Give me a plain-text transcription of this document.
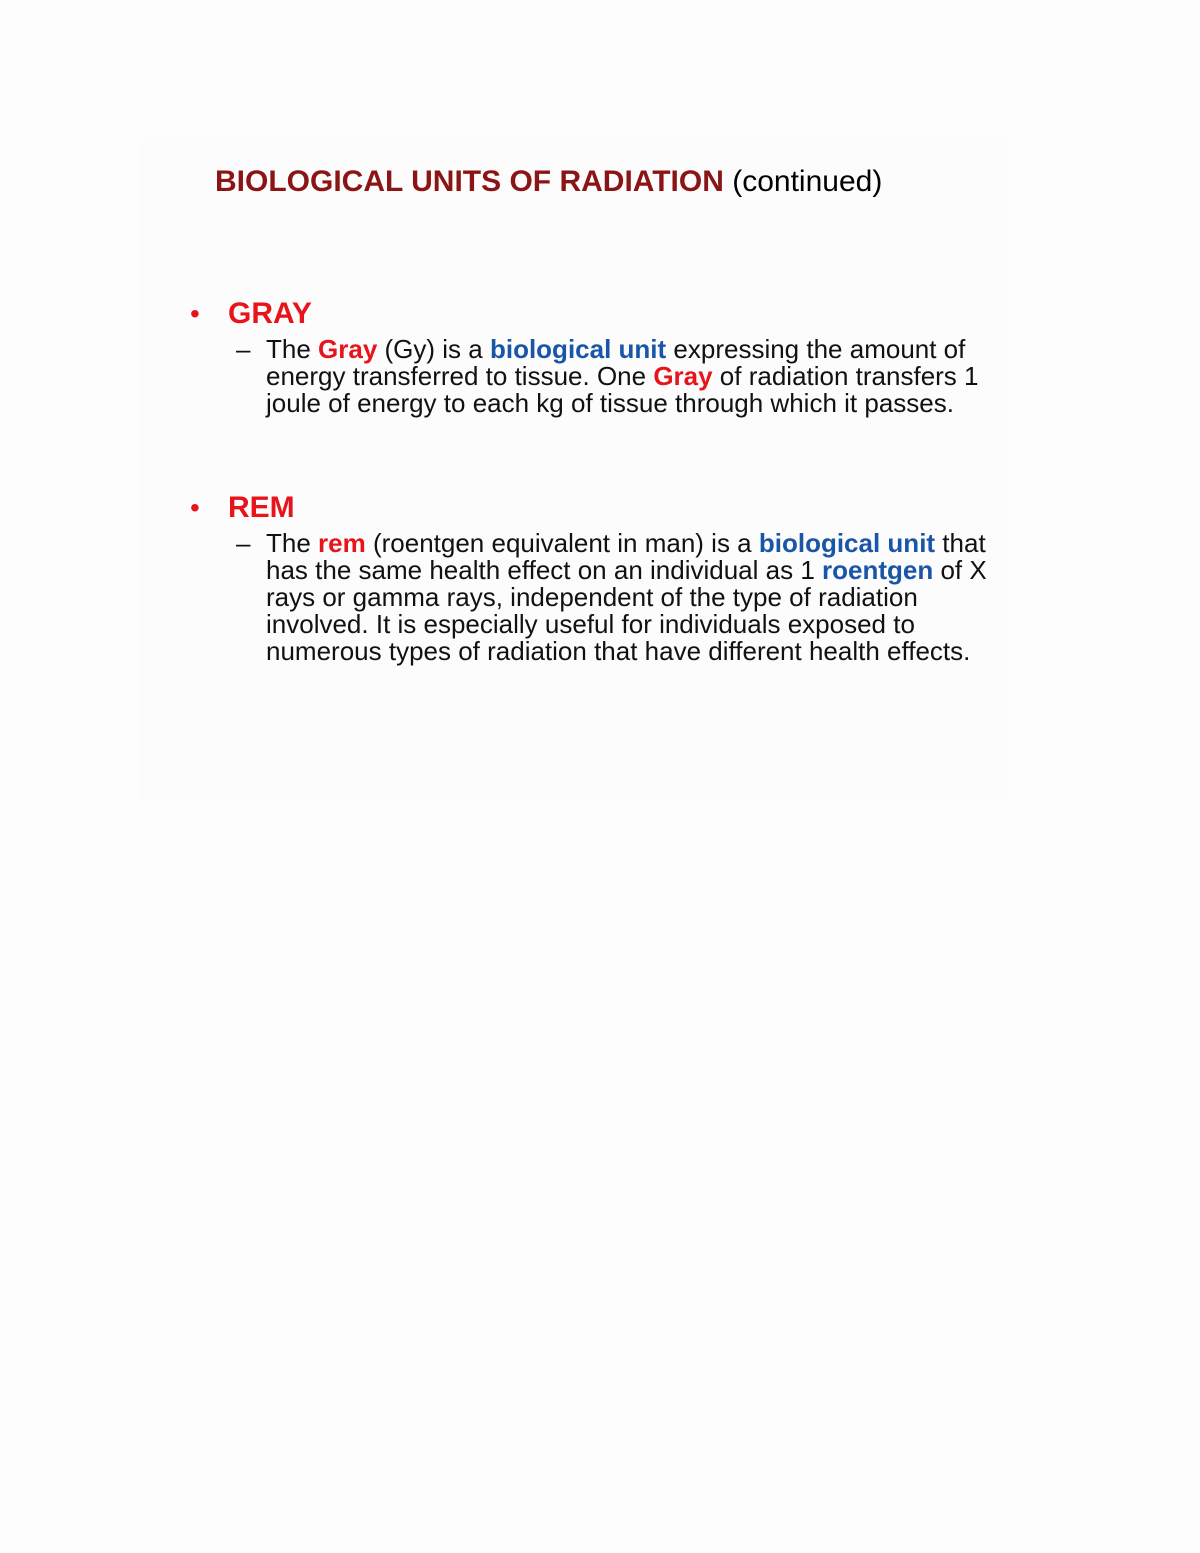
BIOLOGICAL UNITS OF RADIATION (continued)
• GRAY
– The Gray (Gy) is a biological unit expressing the amount of energy transferred to tissue. One Gray of radiation transfers 1 joule of energy to each kg of tissue through which it passes.
• REM
– The rem (roentgen equivalent in man) is a biological unit that has the same health effect on an individual as 1 roentgen of X rays or gamma rays, independent of the type of radiation involved. It is especially useful for individuals exposed to numerous types of radiation that have different health effects.
